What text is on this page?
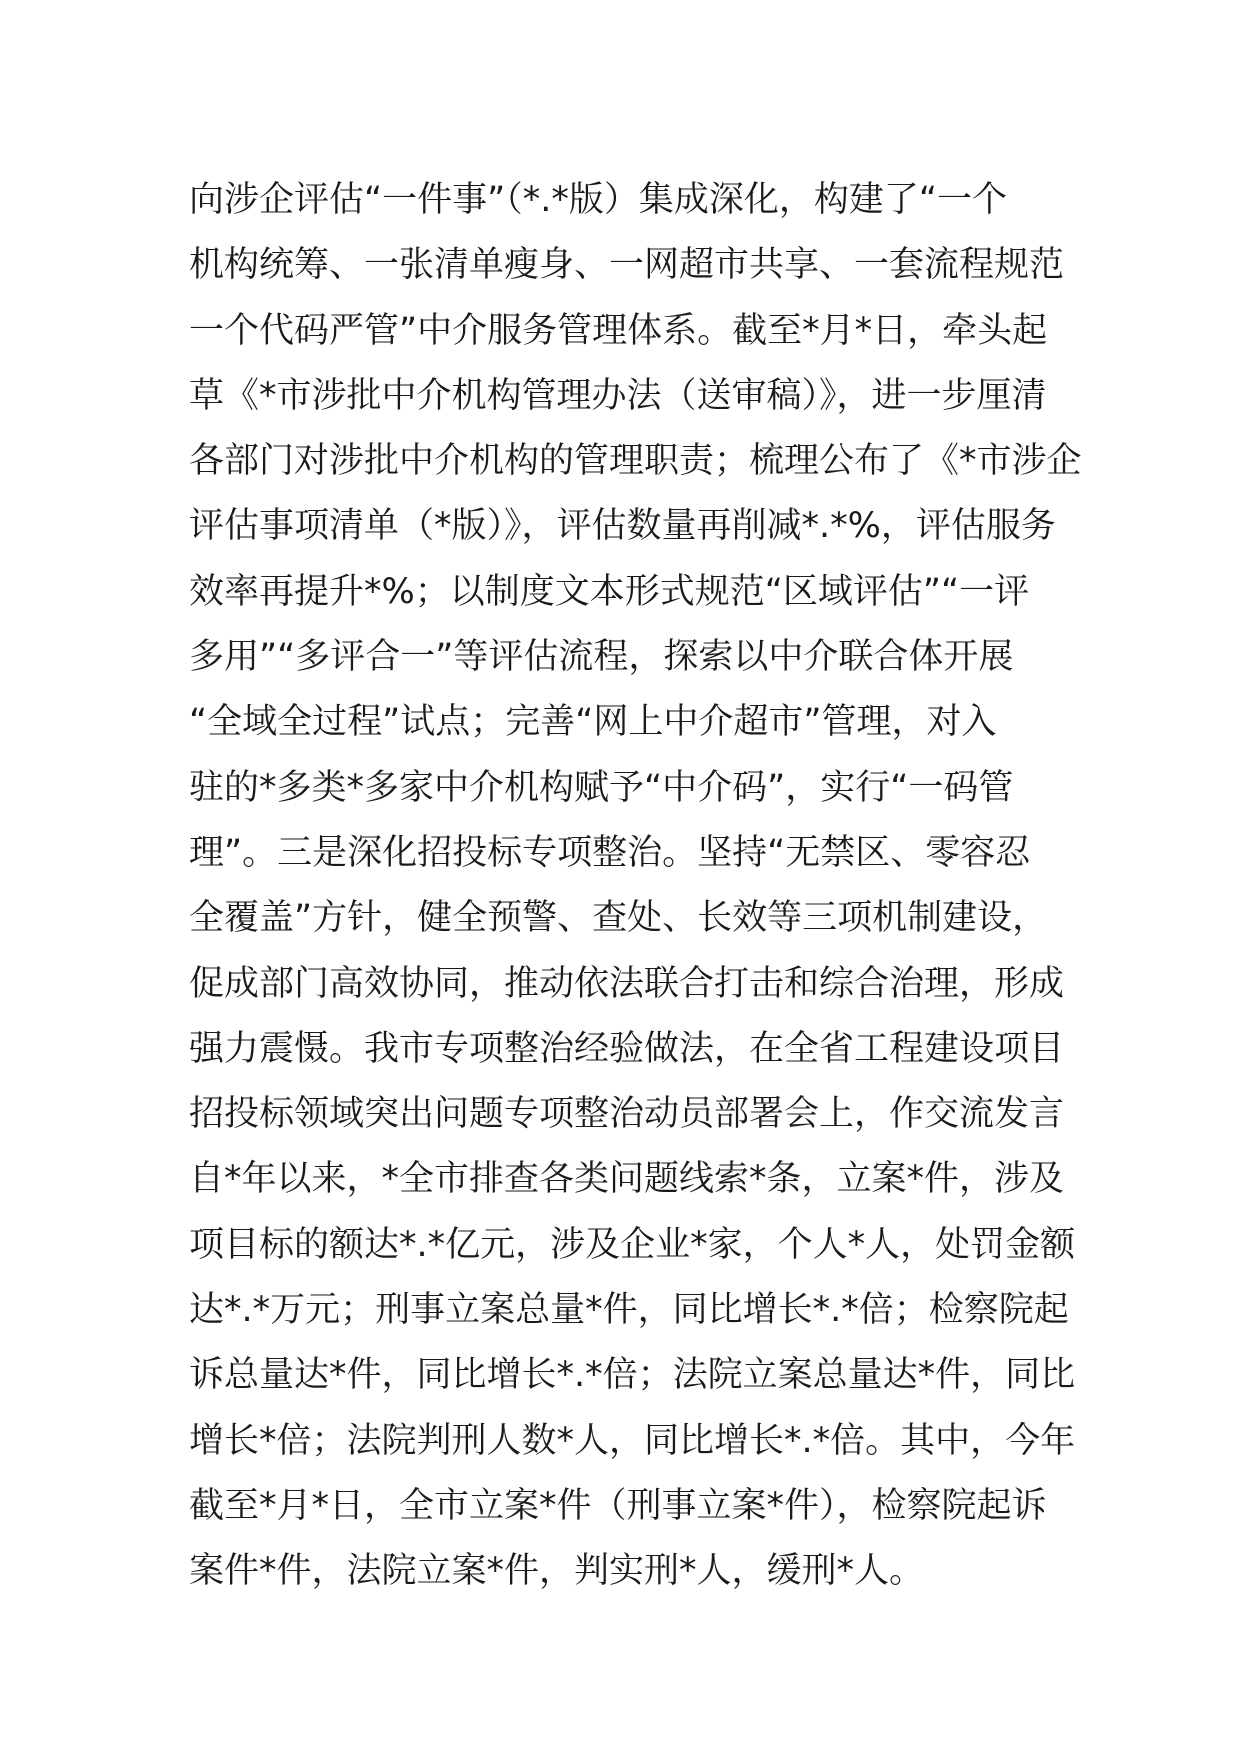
向涉企评估“一件事”（*.*版）集成深化，构建了“一个
机构统筹、一张清单瘦身、一网超市共享、一套流程规范
一个代码严管”中介服务管理体系。截至*月*日，牵头起
草《*市涉批中介机构管理办法（送审稿）》，进一步厘清
各部门对涉批中介机构的管理职责；梳理公布了《*市涉企
评估事项清单（*版）》，评估数量再削减*.*%，评估服务
效率再提升*%；以制度文本形式规范“区域评估”“一评
多用”“多评合一”等评估流程，探索以中介联合体开展
“全域全过程”试点；完善“网上中介超市”管理，对入
驻的*多类*多家中介机构赋予“中介码”，实行“一码管
理”。三是深化招投标专项整治。坚持“无禁区、零容忍
全覆盖”方针，健全预警、查处、长效等三项机制建设，
促成部门高效协同，推动依法联合打击和综合治理，形成
强力震慑。我市专项整治经验做法，在全省工程建设项目
招投标领域突出问题专项整治动员部署会上，作交流发言
自*年以来，*全市排查各类问题线索*条，立案*件，涉及
项目标的额达*.*亿元，涉及企业*家，个人*人，处罚金额
达*.*万元；刑事立案总量*件，同比增长*.*倍；检察院起
诉总量达*件，同比增长*.*倍；法院立案总量达*件，同比
增长*倍；法院判刑人数*人，同比增长*.*倍。其中，今年
截至*月*日，全市立案*件（刑事立案*件），检察院起诉
案件*件，法院立案*件，判实刑*人，缓刑*人。
